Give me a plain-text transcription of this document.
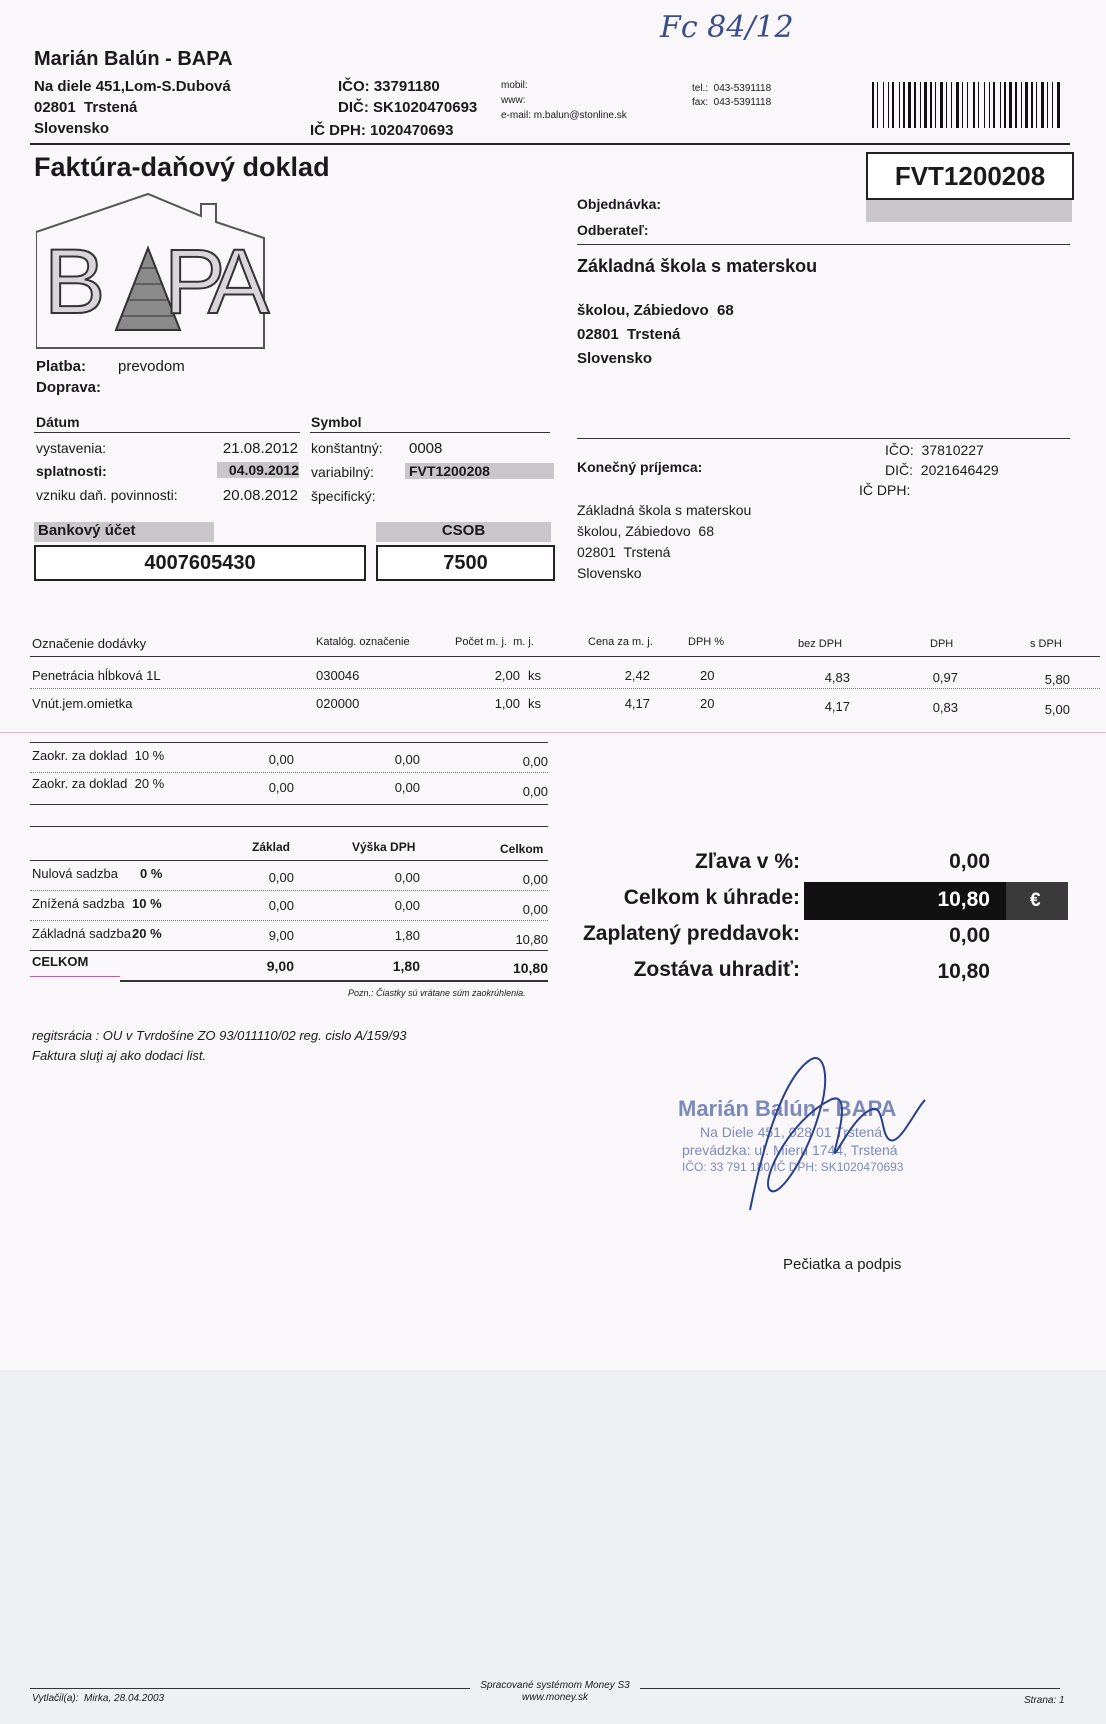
Fc 84/12
Marián Balún - BAPA
Na diele 451,Lom-S.Dubová
02801  Trstená
Slovensko
IČO: 33791180
DIČ: SK1020470693
IČ DPH: 1020470693
mobil:
www:
e-mail: m.balun@stonline.sk
tel.:  043-5391118
fax:  043-5391118
Faktúra-daňový doklad	FVT1200208
B P
A
Objednávka:
Odberateľ:
Základná škola s materskou
školou, Zábiedovo  68
02801  Trstená
Slovensko
Platba: prevodom
Doprava:
Dátum	Symbol
vystavenia:	21.08.2012
splatnosti:	04.09.2012
vzniku daň. povinnosti:	20.08.2012
konštantný: 0008
variabilný: FVT1200208
špecifický:
Bankový účet	CSOB
4007605430	7500
Konečný príjemca:
IČO:  37810227
DIČ:  2021646429
IČ DPH:
Základná škola s materskou
školou, Zábiedovo  68
02801  Trstená
Slovensko
Označenie dodávky	Katalóg. označenie	Počet m. j.  m. j.	Cena za m. j.	DPH %	bez DPH	DPH	s DPH
Penetrácia hĺbková 1L	030046	2,00 ks	2,42	20	4,83	0,97	5,80
Vnút.jem.omietka	020000	1,00 ks	4,17	20	4,17	0,83	5,00
Zaokr. za doklad  10 %	0,00	0,00	0,00
Zaokr. za doklad  20 %	0,00	0,00	0,00
Základ	Výška DPH	Celkom
Nulová sadzba 0 %	0,00	0,00	0,00
Znížená sadzba 10 %	0,00	0,00	0,00
Základná sadzba 20 %	9,00	1,80	10,80
CELKOM	9,00	1,80	10,80
Pozn.: Čiastky sú vrátane súm zaokrúhlenia.
Zľava v %:	0,00
Celkom k úhrade:	10,80 €
Zaplatený preddavok:	0,00
Zostáva uhradiť:	10,80
regitsrácia : OU v Tvrdošíne ZO 93/011110/02 reg. cislo A/159/93
Faktura sluţi aj ako dodaci list.
Marián Balún - BAPA
Na Diele 451, 028 01 Trstená
prevádzka: ul. Mieru 1744, Trstená
IČO: 33 791 180 IČ DPH: SK1020470693
Pečiatka a podpis
Vytlačil(a):  Mirka, 28.04.2003
Spracované systémom Money S3
www.money.sk	Strana: 1
